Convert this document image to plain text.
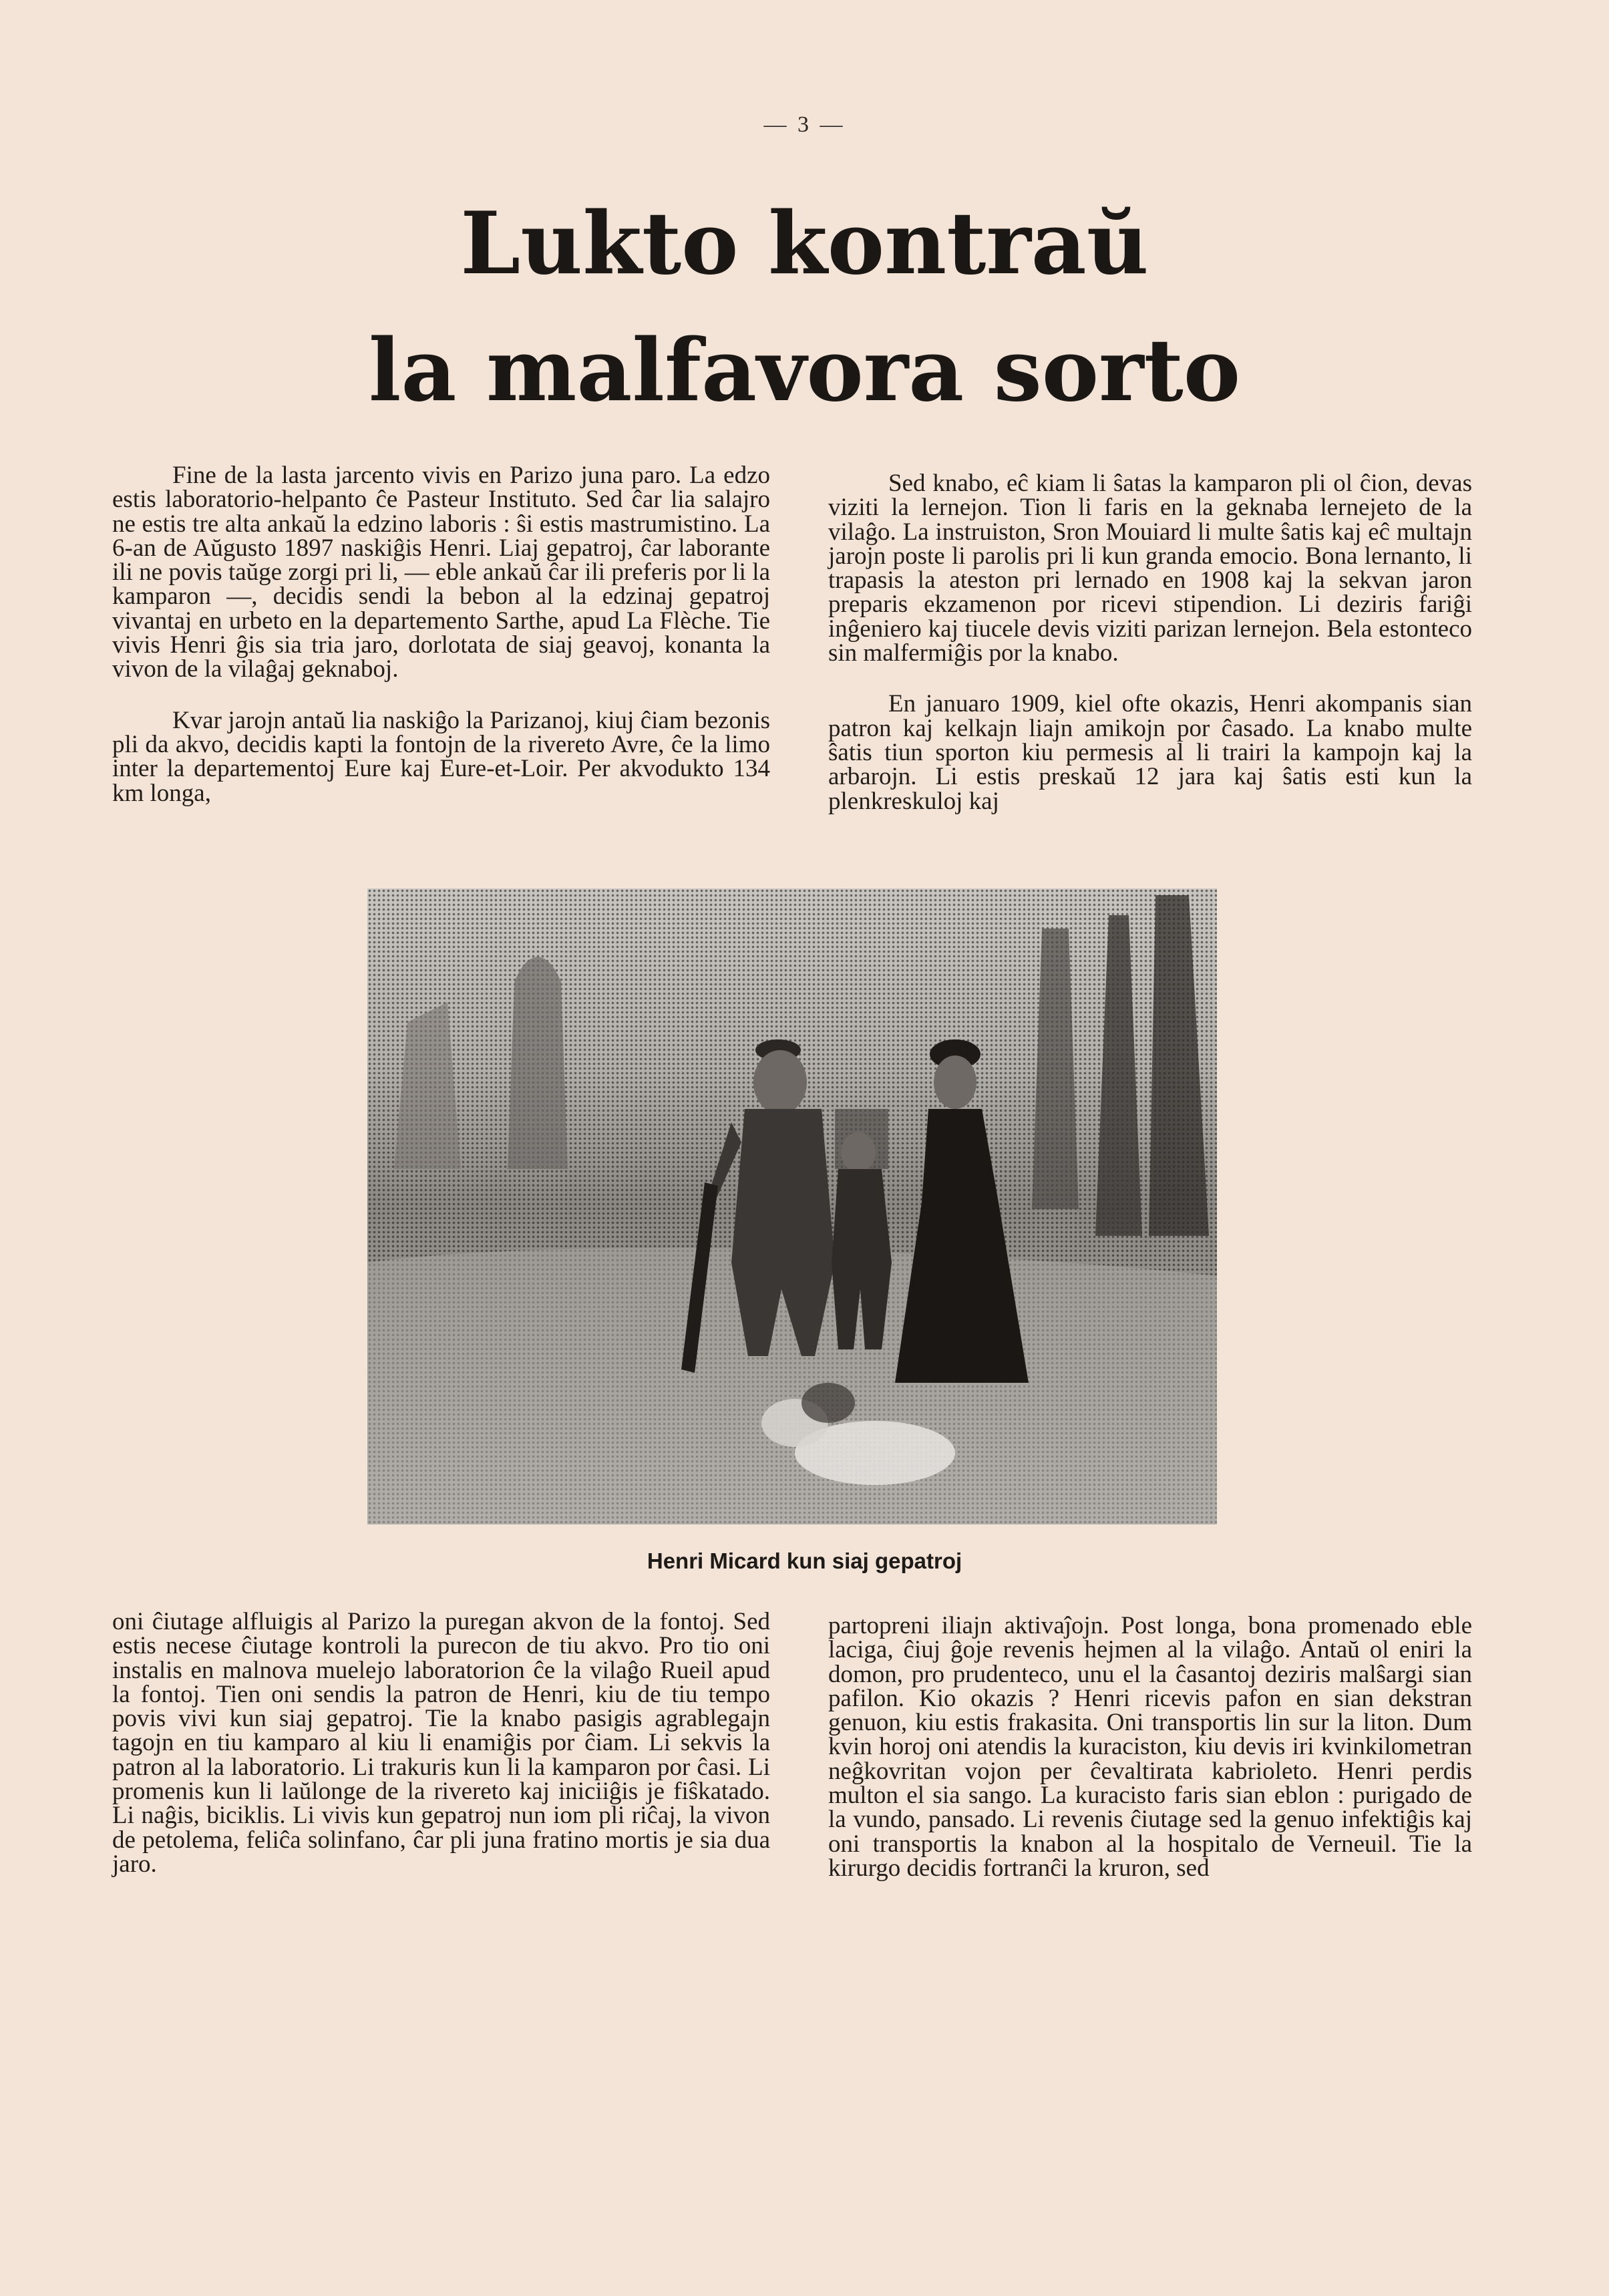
— 3 —
Lukto kontraŭ
la malfavora sorto

Fine de la lasta jarcento vivis en Parizo juna paro. La edzo estis laboratorio-helpanto ĉe Pasteur Instituto. Sed ĉar lia salajro ne estis tre alta ankaŭ la edzino laboris : ŝi estis mastrumistino. La 6-an de Aŭgusto 1897 naskiĝis Henri. Liaj gepatroj, ĉar laborante ili ne povis taŭge zorgi pri li, — eble ankaŭ ĉar ili preferis por li la kamparon —, decidis sendi la bebon al la edzinaj gepatroj vivantaj en urbeto en la departemento Sarthe, apud La Flèche. Tie vivis Henri ĝis sia tria jaro, dorlotata de siaj geavoj, konanta la vivon de la vilaĝaj geknaboj.

Kvar jarojn antaŭ lia naskiĝo la Parizanoj, kiuj ĉiam bezonis pli da akvo, decidis kapti la fontojn de la rivereto Avre, ĉe la limo inter la departementoj Eure kaj Eure-et-Loir. Per akvodukto 134 km longa,

Sed knabo, eĉ kiam li ŝatas la kamparon pli ol ĉion, devas viziti la lernejon. Tion li faris en la geknaba lernejeto de la vilaĝo. La instruiston, Sron Mouiard li multe ŝatis kaj eĉ multajn jarojn poste li parolis pri li kun granda emocio. Bona lernanto, li trapasis la ateston pri lernado en 1908 kaj la sekvan jaron preparis ekzamenon por ricevi stipendion. Li deziris fariĝi inĝeniero kaj tiucele devis viziti parizan lernejon. Bela estonteco sin malfermiĝis por la knabo.

En januaro 1909, kiel ofte okazis, Henri akompanis sian patron kaj kelkajn liajn amikojn por ĉasado. La knabo multe ŝatis tiun sporton kiu permesis al li trairi la kampojn kaj la arbarojn. Li estis preskaŭ 12 jara kaj ŝatis esti kun la plenkreskuloj kaj

Henri Micard kun siaj gepatroj

oni ĉiutage alfluigis al Parizo la puregan akvon de la fontoj. Sed estis necese ĉiutage kontroli la purecon de tiu akvo. Pro tio oni instalis en malnova muelejo laboratorion ĉe la vilaĝo Rueil apud la fontoj. Tien oni sendis la patron de Henri, kiu de tiu tempo povis vivi kun siaj gepatroj. Tie la knabo pasigis agrablegajn tagojn en tiu kamparo al kiu li enamiĝis por ĉiam. Li sekvis la patron al la laboratorio. Li trakuris kun li la kamparon por ĉasi. Li promenis kun li laŭlonge de la rivereto kaj iniciiĝis je fiŝkatado. Li naĝis, biciklis. Li vivis kun gepatroj nun iom pli riĉaj, la vivon de petolema, feliĉa solinfano, ĉar pli juna fratino mortis je sia dua jaro.

partopreni iliajn aktivaĵojn. Post longa, bona promenado eble laciga, ĉiuj ĝoje revenis hejmen al la vilaĝo. Antaŭ ol eniri la domon, pro prudenteco, unu el la ĉasantoj deziris malŝargi sian pafilon. Kio okazis ? Henri ricevis pafon en sian dekstran genuon, kiu estis frakasita. Oni transportis lin sur la liton. Dum kvin horoj oni atendis la kuraciston, kiu devis iri kvinkilometran neĝkovritan vojon per ĉevaltirata kabrioleto. Henri perdis multon el sia sango. La kuracisto faris sian eblon : purigado de la vundo, pansado. Li revenis ĉiutage sed la genuo infektiĝis kaj oni transportis la knabon al la hospitalo de Verneuil. Tie la kirurgo decidis fortranĉi la kruron, sed
